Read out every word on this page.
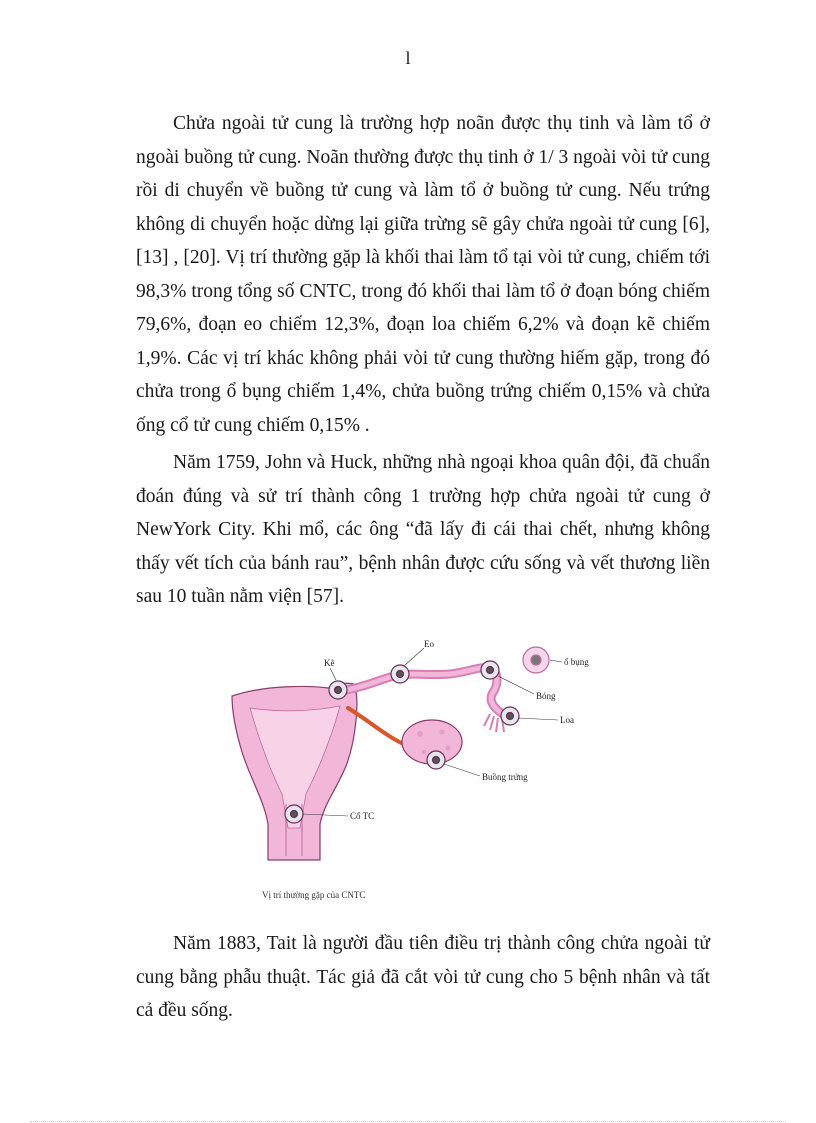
l

Chửa ngoài tử cung là trường hợp noãn được thụ tinh và làm tổ ở ngoài buồng tử cung. Noãn thường được thụ tinh ở 1/ 3 ngoài vòi tử cung rồi di chuyển về buồng tử cung và làm tổ ở buồng tử cung. Nếu trứng không di chuyển hoặc dừng lại giữa trừng sẽ gây chửa ngoài tử cung [6], [13] , [20]. Vị trí thường gặp là khối thai làm tổ tại vòi tử cung, chiếm tới 98,3% trong tổng số CNTC, trong đó khối thai làm tổ ở đoạn bóng chiếm 79,6%, đoạn eo chiếm 12,3%, đoạn loa chiếm 6,2% và đoạn kẽ chiếm 1,9%. Các vị trí khác không phải vòi tử cung thường hiếm gặp, trong đó chửa trong ổ bụng chiếm 1,4%, chửa buồng trứng chiếm 0,15% và chửa ống cổ tử cung chiếm 0,15% .

Năm 1759, John và Huck, những nhà ngoại khoa quân đội, đã chuẩn đoán đúng và sử trí thành công 1 trường hợp chửa ngoài tử cung ở NewYork City. Khi mổ, các ông “đã lấy đi cái thai chết, nhưng không thấy vết tích của bánh rau”, bệnh nhân được cứu sống và vết thương liền sau 10 tuần nằm viện [57].

Kẽ
Eo
ổ bụng
Bóng
Loa
Buồng trứng
Cổ TC
Vị trí thường gặp của CNTC

Năm 1883, Tait là người đầu tiên điều trị thành công chửa ngoài tử cung bằng phẫu thuật. Tác giả đã cắt vòi tử cung cho 5 bệnh nhân và tất cả đều sống.
